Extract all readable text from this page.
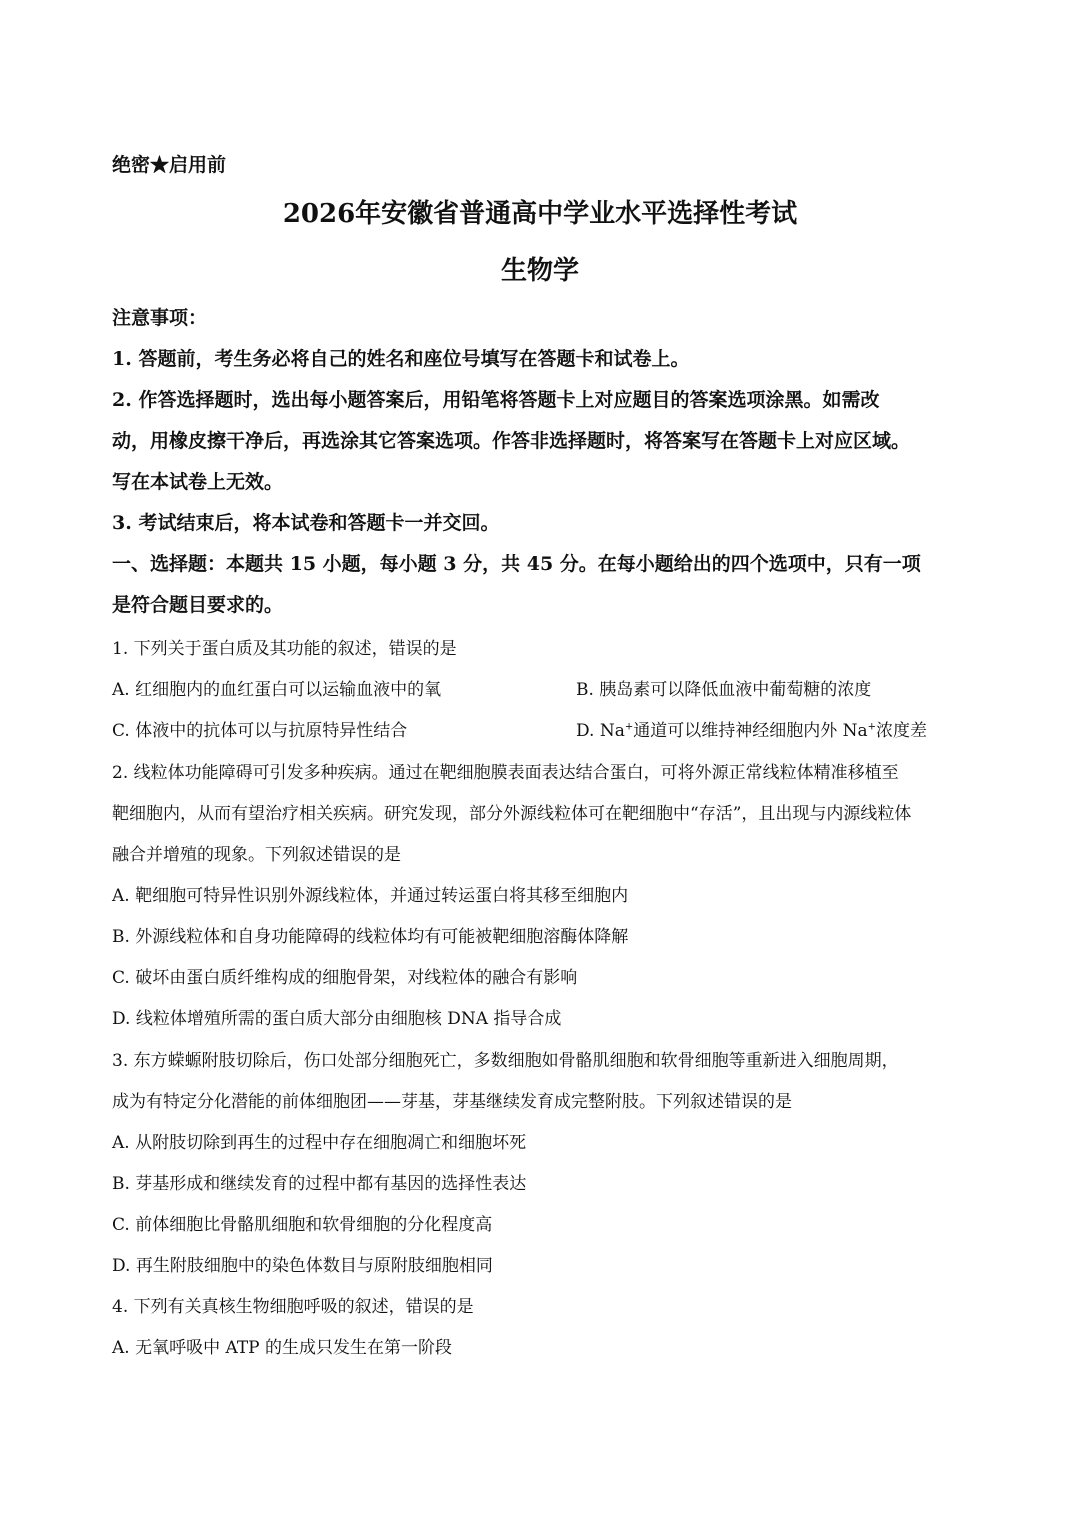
绝密★启用前
2026年安徽省普通高中学业水平选择性考试
生物学
注意事项：
1. 答题前，考生务必将自己的姓名和座位号填写在答题卡和试卷上。
2. 作答选择题时，选出每小题答案后，用铅笔将答题卡上对应题目的答案选项涂黑。如需改
动，用橡皮擦干净后，再选涂其它答案选项。作答非选择题时，将答案写在答题卡上对应区域。
写在本试卷上无效。
3. 考试结束后，将本试卷和答题卡一并交回。
一、选择题：本题共 15 小题，每小题 3 分，共 45 分。在每小题给出的四个选项中，只有一项
是符合题目要求的。
1. 下列关于蛋白质及其功能的叙述，错误的是
A. 红细胞内的血红蛋白可以运输血液中的氧	B. 胰岛素可以降低血液中葡萄糖的浓度
C. 体液中的抗体可以与抗原特异性结合	D. Na+通道可以维持神经细胞内外 Na+浓度差
2. 线粒体功能障碍可引发多种疾病。通过在靶细胞膜表面表达结合蛋白，可将外源正常线粒体精准移植至
靶细胞内，从而有望治疗相关疾病。研究发现，部分外源线粒体可在靶细胞中“存活”，且出现与内源线粒体
融合并增殖的现象。下列叙述错误的是
A. 靶细胞可特异性识别外源线粒体，并通过转运蛋白将其移至细胞内
B. 外源线粒体和自身功能障碍的线粒体均有可能被靶细胞溶酶体降解
C. 破坏由蛋白质纤维构成的细胞骨架，对线粒体的融合有影响
D. 线粒体增殖所需的蛋白质大部分由细胞核 DNA 指导合成
3. 东方蝾螈附肢切除后，伤口处部分细胞死亡，多数细胞如骨骼肌细胞和软骨细胞等重新进入细胞周期，
成为有特定分化潜能的前体细胞团——芽基，芽基继续发育成完整附肢。下列叙述错误的是
A. 从附肢切除到再生的过程中存在细胞凋亡和细胞坏死
B. 芽基形成和继续发育的过程中都有基因的选择性表达
C. 前体细胞比骨骼肌细胞和软骨细胞的分化程度高
D. 再生附肢细胞中的染色体数目与原附肢细胞相同
4. 下列有关真核生物细胞呼吸的叙述，错误的是
A. 无氧呼吸中 ATP 的生成只发生在第一阶段
